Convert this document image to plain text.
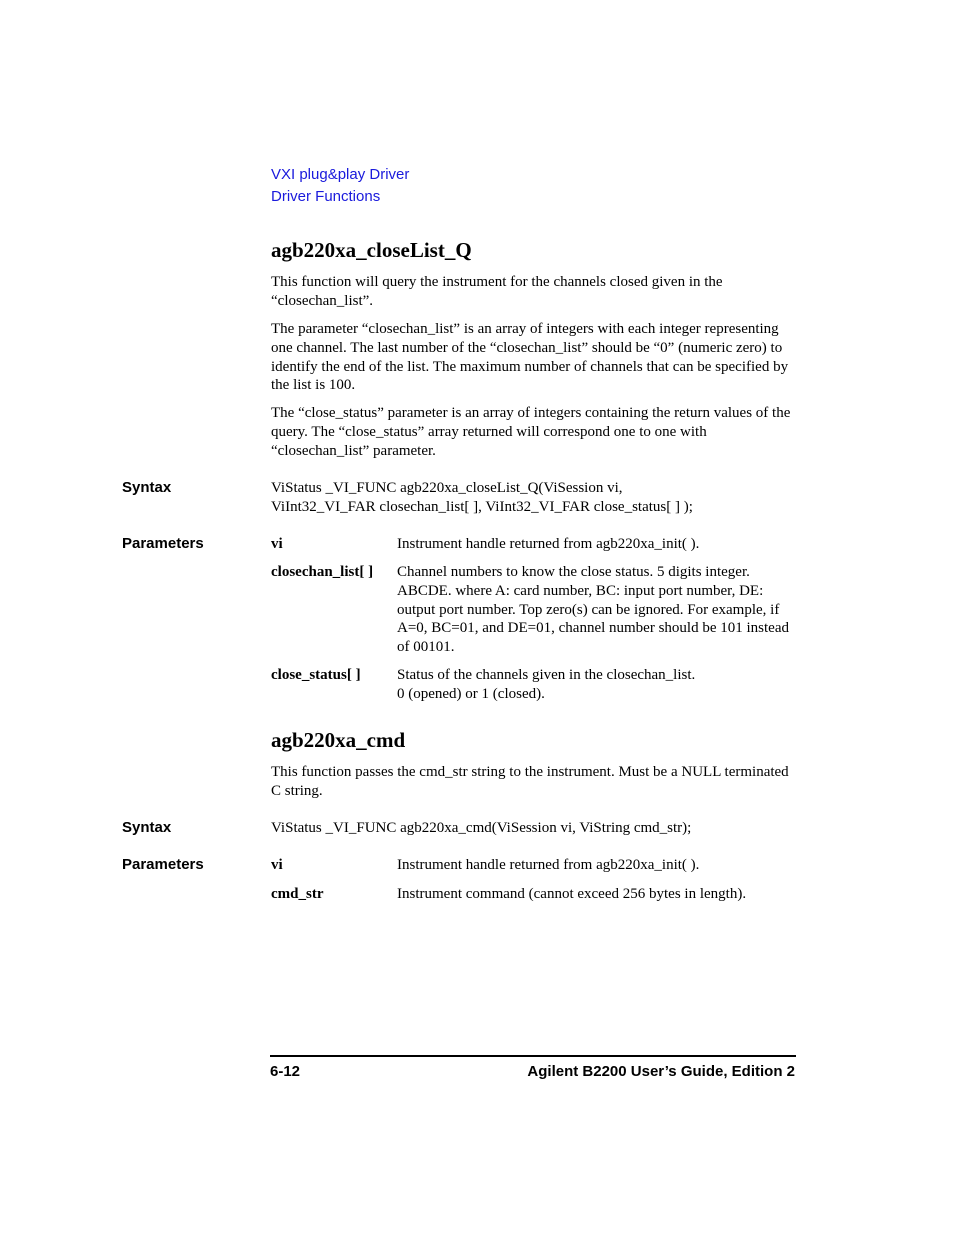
VXI plug&play Driver
Driver Functions
agb220xa_closeList_Q
This function will query the instrument for the channels closed given in the “closechan_list”.
The parameter “closechan_list” is an array of integers with each integer representing one channel. The last number of the “closechan_list” should be “0” (numeric zero) to identify the end of the list. The maximum number of channels that can be specified by the list is 100.
The “close_status” parameter is an array of integers containing the return values of the query. The “close_status” array returned will correspond one to one with “closechan_list” parameter.
Syntax	ViStatus _VI_FUNC agb220xa_closeList_Q(ViSession vi,
ViInt32_VI_FAR closechan_list[ ], ViInt32_VI_FAR close_status[ ] );
Parameters	vi	Instrument handle returned from agb220xa_init( ).
closechan_list[ ] Channel numbers to know the close status. 5 digits integer. ABCDE. where A: card number, BC: input port number, DE: output port number. Top zero(s) can be ignored. For example, if A=0, BC=01, and DE=01, channel number should be 101 instead of 00101.
close_status[ ] Status of the channels given in the closechan_list.
0 (opened) or 1 (closed).
agb220xa_cmd
This function passes the cmd_str string to the instrument. Must be a NULL terminated C string.
Syntax	ViStatus _VI_FUNC agb220xa_cmd(ViSession vi, ViString cmd_str);
Parameters	vi	Instrument handle returned from agb220xa_init( ).
cmd_str	Instrument command (cannot exceed 256 bytes in length).
6-12	Agilent B2200 User’s Guide, Edition 2
